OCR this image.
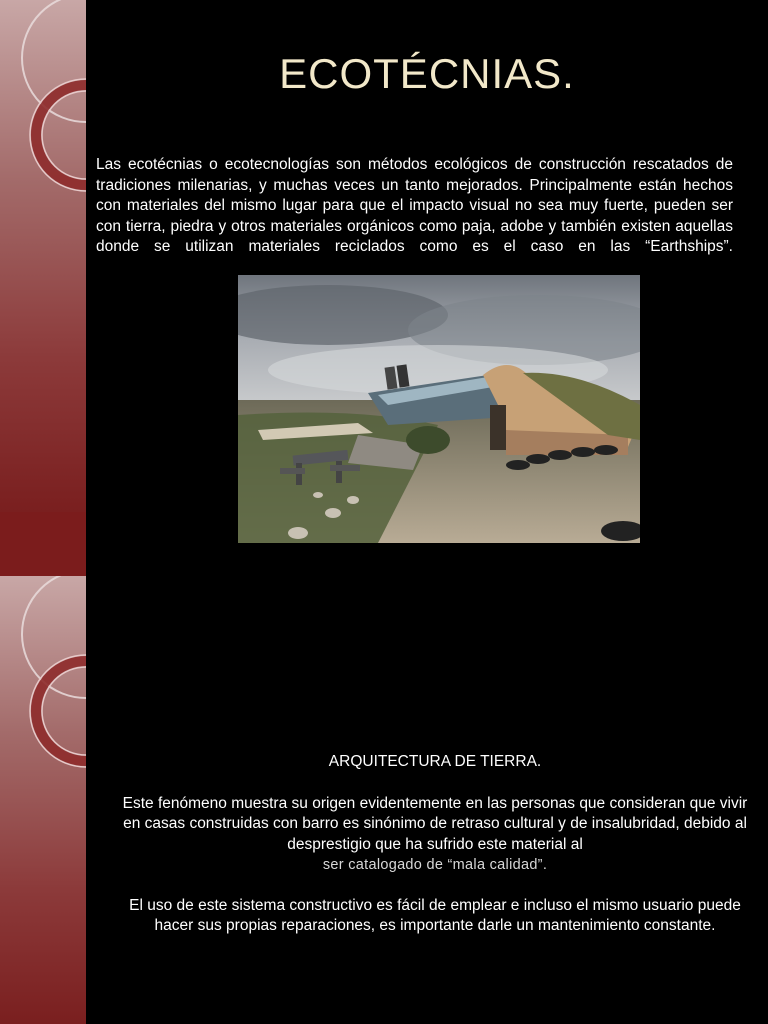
ECOTÉCNIAS.

Las ecotécnias o ecotecnologías son métodos ecológicos de construcción rescatados de tradiciones milenarias, y muchas veces un tanto mejorados. Principalmente están hechos con materiales del mismo lugar para que el impacto visual no sea muy fuerte, pueden ser con tierra, piedra y otros materiales orgánicos como paja, adobe y también existen aquellas donde se utilizan materiales reciclados como es el caso en las “Earthships”.

ARQUITECTURA DE TIERRA.

Este fenómeno muestra su origen evidentemente en las personas que consideran que vivir en casas construidas con barro es sinónimo de retraso cultural y de insalubridad, debido al desprestigio que ha sufrido este material al
ser catalogado de “mala calidad”.

El uso de este sistema constructivo es fácil de emplear e incluso el mismo usuario puede hacer sus propias reparaciones, es importante darle un mantenimiento constante.
